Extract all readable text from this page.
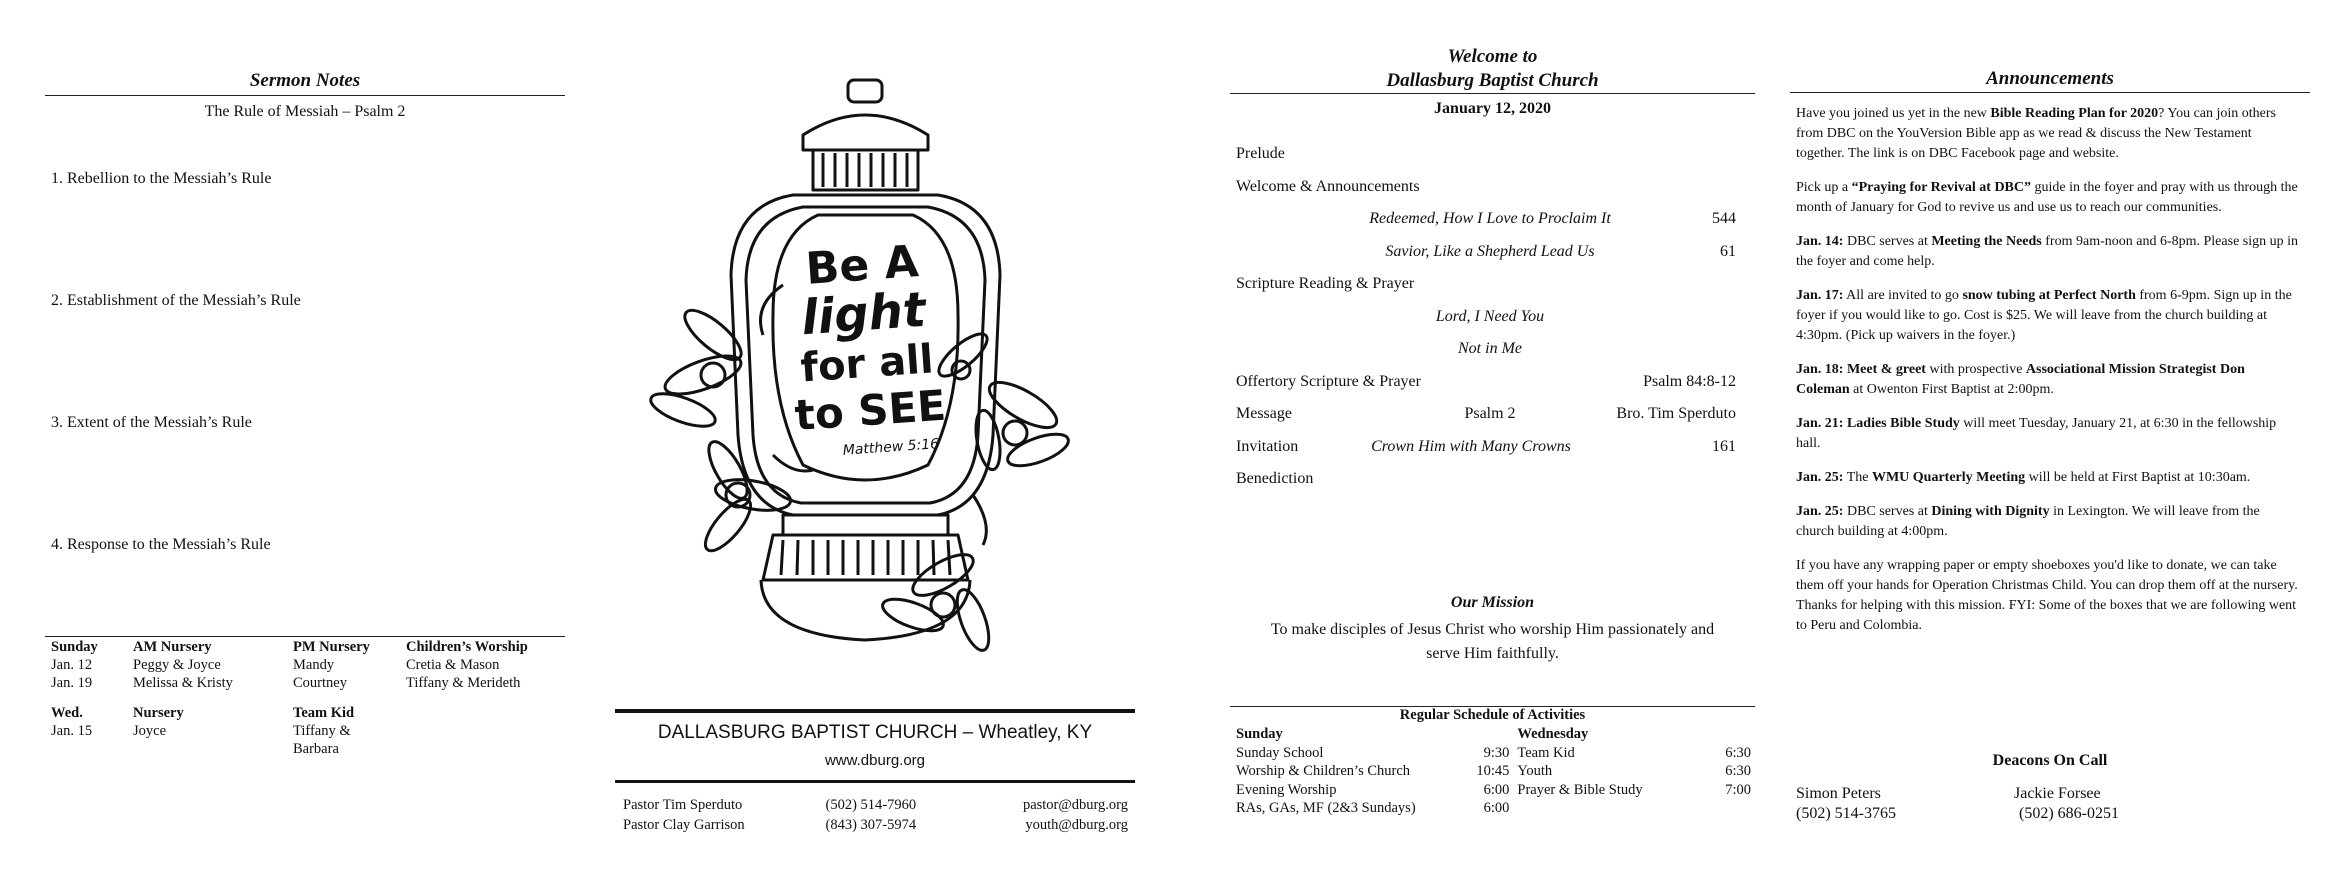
Sermon Notes
The Rule of Messiah – Psalm 2
1. Rebellion to the Messiah’s Rule
2. Establishment of the Messiah’s Rule
3. Extent of the Messiah’s Rule
4. Response to the Messiah’s Rule
Sunday	AM Nursery	PM Nursery	Children’s Worship
Jan. 12	Peggy & Joyce	Mandy	Cretia & Mason
Jan. 19	Melissa & Kristy	Courtney	Tiffany & Merideth

Wed.	Nursery	Team Kid	
Jan. 15	Joyce	Tiffany & Barbara	
Be A
light
for all
to SEE
Matthew 5:16
DALLASBURG BAPTIST CHURCH – Wheatley, KY
www.dburg.org
Pastor Tim Sperduto	(502) 514-7960	pastor@dburg.org
Pastor Clay Garrison	(843) 307-5974	youth@dburg.org
Welcome to
Dallasburg Baptist Church
January 12, 2020
Prelude
Welcome & Announcements
Redeemed, How I Love to Proclaim It	544
Savior, Like a Shepherd Lead Us	61
Scripture Reading & Prayer
Lord, I Need You
Not in Me
Offertory Scripture & Prayer	Psalm 84:8-12
Message	Psalm 2	Bro. Tim Sperduto
Invitation	Crown Him with Many Crowns	161
Benediction
Our Mission
To make disciples of Jesus Christ who worship Him passionately and serve Him faithfully.
Regular Schedule of Activities
Sunday
Sunday School	9:30
Worship & Children’s Church	10:45
Evening Worship	6:00
RAs, GAs, MF (2&3 Sundays)	6:00
Wednesday
Team Kid	6:30
Youth	6:30
Prayer & Bible Study	7:00
Announcements

Have you joined us yet in the new Bible Reading Plan for 2020? You can join others from DBC on the YouVersion Bible app as we read & discuss the New Testament together. The link is on DBC Facebook page and website.

Pick up a “Praying for Revival at DBC” guide in the foyer and pray with us through the month of January for God to revive us and use us to reach our communities.

Jan. 14: DBC serves at Meeting the Needs from 9am-noon and 6-8pm. Please sign up in the foyer and come help.

Jan. 17: All are invited to go snow tubing at Perfect North from 6-9pm. Sign up in the foyer if you would like to go. Cost is $25. We will leave from the church building at 4:30pm. (Pick up waivers in the foyer.)

Jan. 18: Meet & greet with prospective Associational Mission Strategist Don Coleman at Owenton First Baptist at 2:00pm.

Jan. 21: Ladies Bible Study will meet Tuesday, January 21, at 6:30 in the fellowship hall.

Jan. 25: The WMU Quarterly Meeting will be held at First Baptist at 10:30am.

Jan. 25: DBC serves at Dining with Dignity in Lexington. We will leave from the church building at 4:00pm.

If you have any wrapping paper or empty shoeboxes you'd like to donate, we can take them off your hands for Operation Christmas Child. You can drop them off at the nursery. Thanks for helping with this mission. FYI: Some of the boxes that we are following went to Peru and Colombia.

Deacons On Call
Simon Peters
(502) 514-3765
Jackie Forsee
(502) 686-0251
